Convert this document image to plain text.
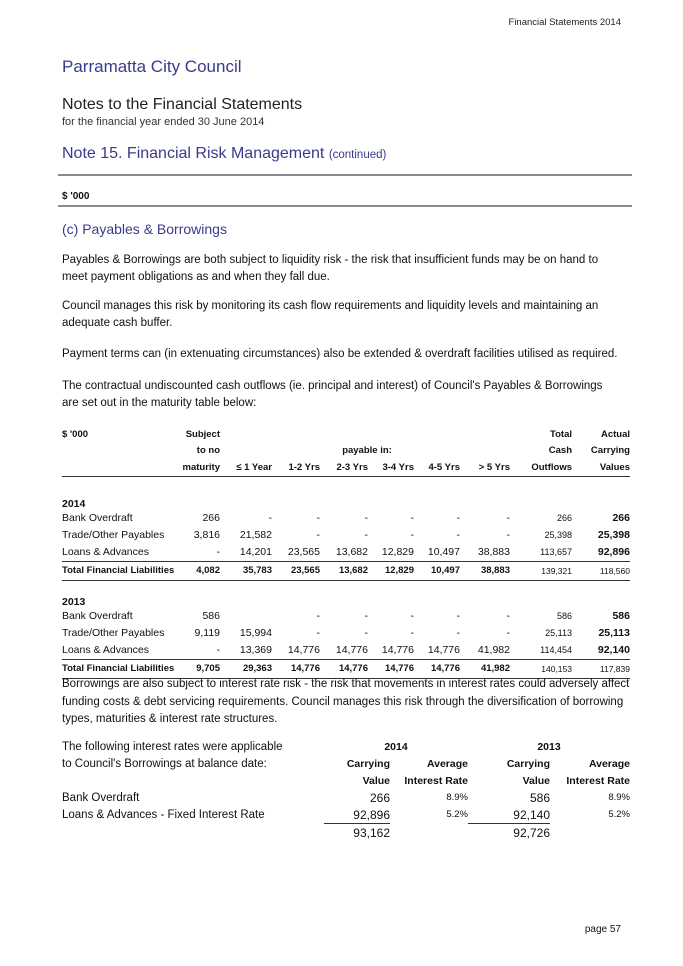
Financial Statements 2014
Parramatta City Council
Notes to the Financial Statements
for the financial year ended 30 June 2014
Note 15. Financial Risk Management (continued)
$ '000
(c) Payables & Borrowings
Payables & Borrowings are both subject to liquidity risk - the risk that insufficient funds may be on hand to meet payment obligations as and when they fall due.
Council manages this risk by monitoring its cash flow requirements and liquidity levels and maintaining an adequate cash buffer.
Payment terms can (in extenuating circumstances) also be extended & overdraft facilities utilised as required.
The contractual undiscounted cash outflows (ie. principal and interest) of Council's Payables & Borrowings are set out in the maturity table below:
$ '000	Subject							Total	Actual
	to no			payable in:				Cash	Carrying
	maturity	≤ 1 Year	1-2 Yrs	2-3 Yrs	3-4 Yrs	4-5 Yrs	> 5 Yrs	Outflows	Values

2014									
Bank Overdraft	266	-	-	-	-	-	-	266	266
Trade/Other Payables	3,816	21,582	-	-	-	-	-	25,398	25,398
Loans & Advances	-	14,201	23,565	13,682	12,829	10,497	38,883	113,657	92,896
Total Financial Liabilities	4,082	35,783	23,565	13,682	12,829	10,497	38,883	139,321	118,560

2013									
Bank Overdraft	586		-	-	-	-	-	586	586
Trade/Other Payables	9,119	15,994	-	-	-	-	-	25,113	25,113
Loans & Advances	-	13,369	14,776	14,776	14,776	14,776	41,982	114,454	92,140
Total Financial Liabilities	9,705	29,363	14,776	14,776	14,776	14,776	41,982	140,153	117,839
Borrowings are also subject to interest rate risk - the risk that movements in interest rates could adversely affect funding costs & debt servicing requirements. Council manages this risk through the diversification of borrowing types, maturities & interest rate structures.
The following interest rates were applicable	2014		2013	
to Council's Borrowings at balance date:	Carrying	Average	Carrying	Average
	Value	Interest Rate	Value	Interest Rate
Bank Overdraft	266	8.9%	586	8.9%
Loans & Advances - Fixed Interest Rate	92,896	5.2%	92,140	5.2%
	93,162		92,726	
page 57
